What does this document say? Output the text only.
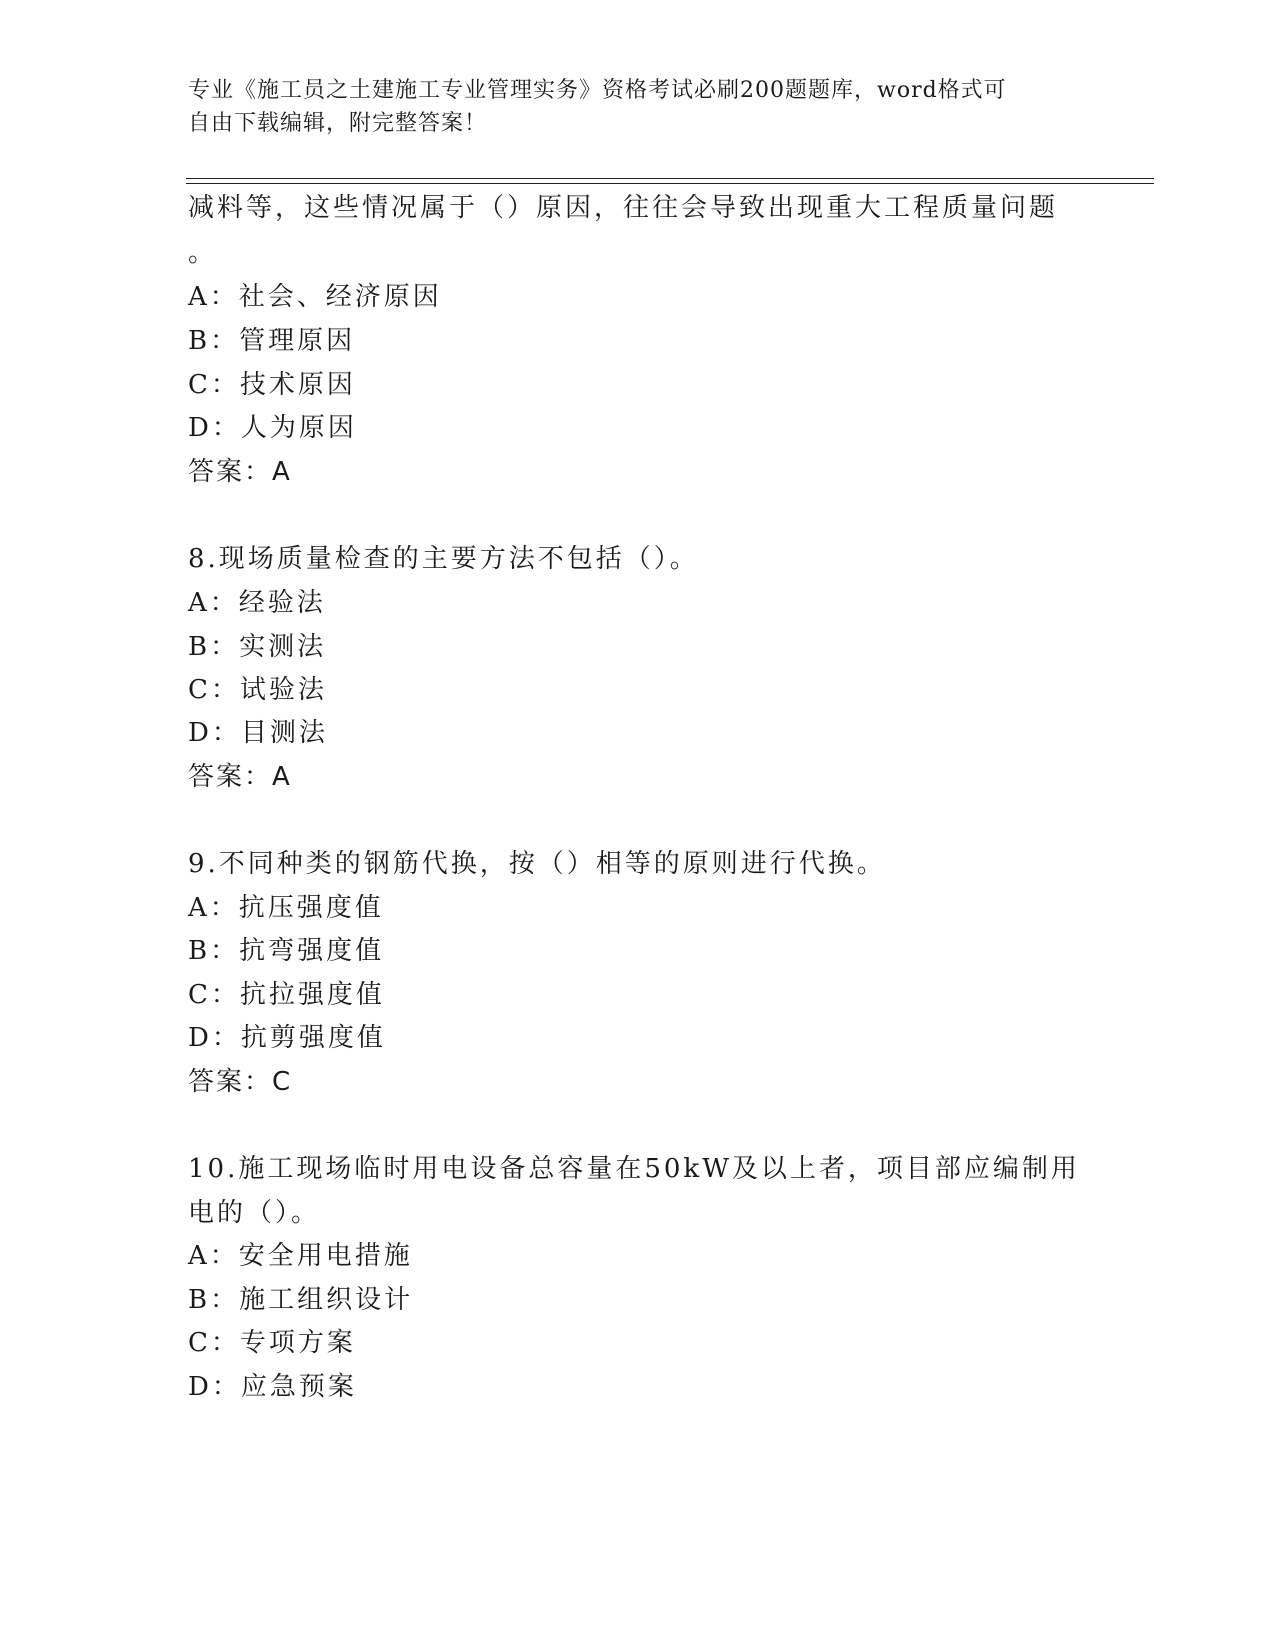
专业《施工员之土建施工专业管理实务》资格考试必刷200题题库，word格式可
自由下载编辑，附完整答案！
减料等，这些情况属于（）原因，往往会导致出现重大工程质量问题
。
A：社会、经济原因
B：管理原因
C：技术原因
D：人为原因
答案：A
8.现场质量检查的主要方法不包括（）。
A：经验法
B：实测法
C：试验法
D：目测法
答案：A
9.不同种类的钢筋代换，按（）相等的原则进行代换。
A：抗压强度值
B：抗弯强度值
C：抗拉强度值
D：抗剪强度值
答案：C
10.施工现场临时用电设备总容量在50kW及以上者，项目部应编制用
电的（）。
A：安全用电措施
B：施工组织设计
C：专项方案
D：应急预案
